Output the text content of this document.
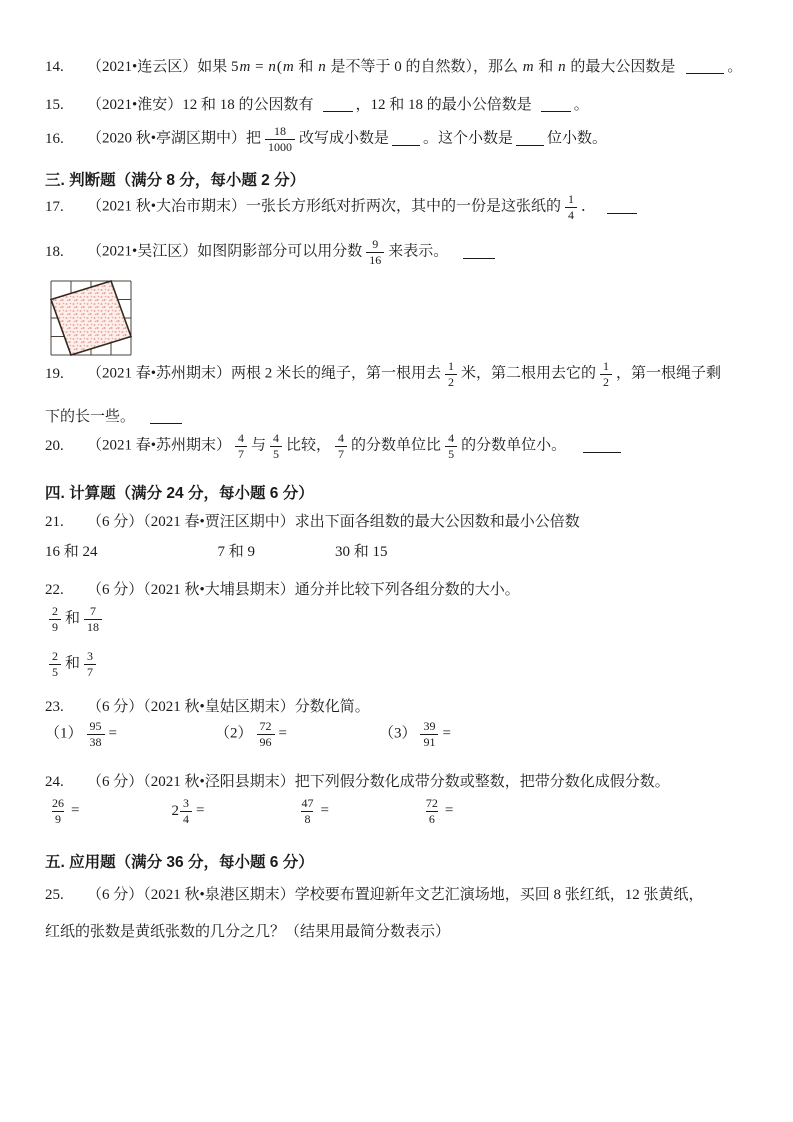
14. （2021•连云区）如果 5m = n(m 和 n 是不等于 0 的自然数），那么 m 和 n 的最大公因数是	。
15. （2021•淮安）12 和 18 的公因数有	，12 和 18 的最小公倍数是	。
16. （2020 秋•亭湖区期中）把 $\frac{18}{1000}$ 改写成小数是 。这个小数是 位小数。
三. 判断题（满分 8 分，每小题 2 分）
17. （2021 秋•大冶市期末）一张长方形纸对折两次，其中的一份是这张纸的 $\frac{1}{4}$ ．
18. （2021•吴江区）如图阴影部分可以用分数 $\frac{9}{16}$ 来表示。
19. （2021 春•苏州期末）两根 2 米长的绳子，第一根用去 $\frac{1}{2}$ 米，第二根用去它的 $\frac{1}{2}$ ，第一根绳子剩
下的长一些。
20. （2021 春•苏州期末） $\frac{4}{7}$ 与 $\frac{4}{5}$ 比较， $\frac{4}{7}$ 的分数单位比 $\frac{4}{5}$ 的分数单位小。
四. 计算题（满分 24 分，每小题 6 分）
21. （6 分）（2021 春•贾汪区期中）求出下面各组数的最大公因数和最小公倍数
16 和 24	7 和 9	30 和 15
22. （6 分）（2021 秋•大埔县期末）通分并比较下列各组分数的大小。
$\frac{2}{9}$ 和 $\frac{7}{18}$
$\frac{2}{5}$ 和 $\frac{3}{7}$
23. （6 分）（2021 秋•皇姑区期末）分数化简。
$(1) \frac{95}{38}$ =	$(2) \frac{72}{96}$ =	$(3) \frac{39}{91}$ =
24. （6 分）（2021 秋•泾阳县期末）把下列假分数化成带分数或整数，把带分数化成假分数。
$\frac{26}{9}$ =	$2 \frac{3}{4}$ =	$\frac{47}{8}$ =	$\frac{72}{6}$ =
五. 应用题（满分 36 分，每小题 6 分）
25. （6 分）（2021 秋•泉港区期末）学校要布置迎新年文艺汇演场地，买回 8 张红纸，12 张黄纸，
红纸的张数是黄纸张数的几分之几？（结果用最简分数表示）
